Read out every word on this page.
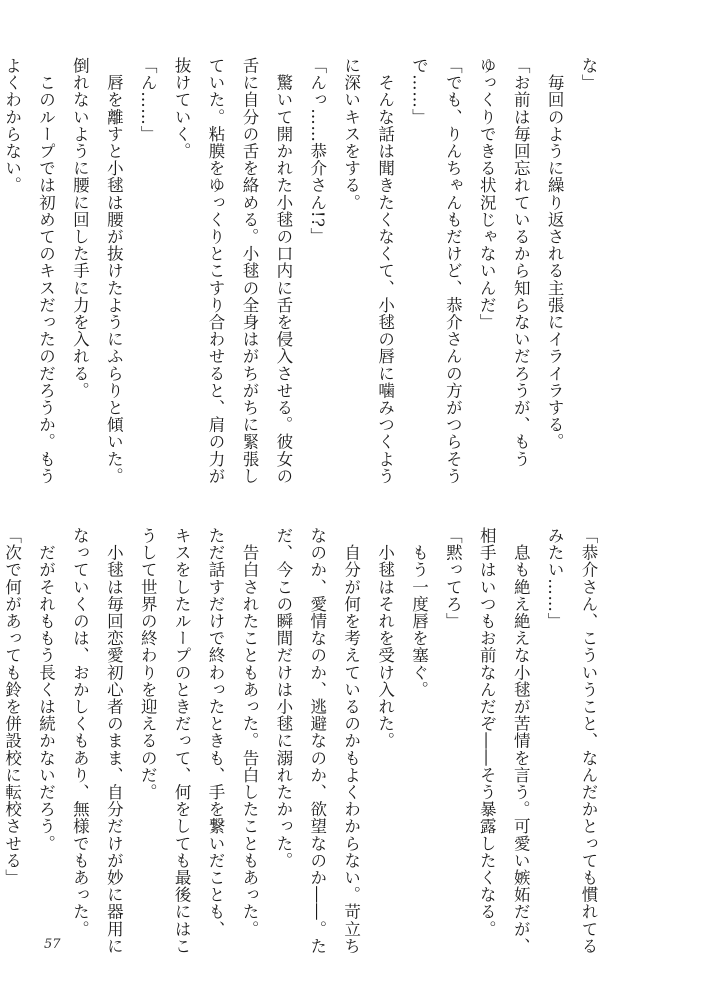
な」
　毎回のように繰り返される主張にイライラする。
「お前は毎回忘れているから知らないだろうが、もう
ゆっくりできる状況じゃないんだ」
「でも、りんちゃんもだけど、恭介さんの方がつらそう
で……」
　そんな話は聞きたくなくて、小毬の唇に噛みつくよう
に深いキスをする。
「んっ……恭介さん!?」
　驚いて開かれた小毬の口内に舌を侵入させる。彼女の
舌に自分の舌を絡める。小毬の全身はがちがちに緊張し
ていた。粘膜をゆっくりとこすり合わせると、肩の力が
抜けていく。
「ん……」
　唇を離すと小毬は腰が抜けたようにふらりと傾いた。
倒れないように腰に回した手に力を入れる。
　このループでは初めてのキスだったのだろうか。もう
よくわからない。
「恭介さん、こういうこと、なんだかとっても慣れてる
みたい……」
　息も絶え絶えな小毬が苦情を言う。可愛い嫉妬だが、
相手はいつもお前なんだぞ――そう暴露したくなる。
「黙ってろ」
　もう一度唇を塞ぐ。
　小毬はそれを受け入れた。
　自分が何を考えているのかもよくわからない。苛立ち
なのか、愛情なのか、逃避なのか、欲望なのか――。た
だ、今この瞬間だけは小毬に溺れたかった。
　告白されたこともあった。告白したこともあった。
ただ話すだけで終わったときも、手を繋いだことも、
キスをしたループのときだって、何をしても最後にはこ
うして世界の終わりを迎えるのだ。
　小毬は毎回恋愛初心者のまま、自分だけが妙に器用に
なっていくのは、おかしくもあり、無様でもあった。
　だがそれももう長くは続かないだろう。
「次で何があっても鈴を併設校に転校させる」
57
